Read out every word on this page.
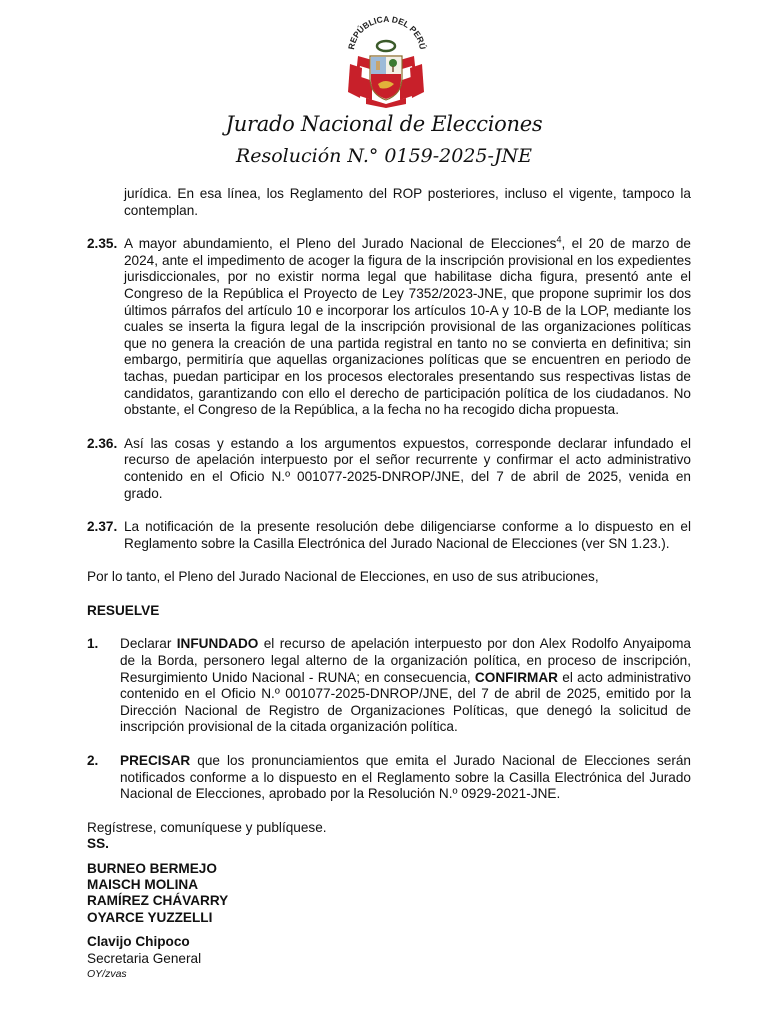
REPÚBLICA DEL PERÚ
Jurado Nacional de Elecciones
Resolución N.° 0159-2025-JNE

jurídica. En esa línea, los Reglamento del ROP posteriores, incluso el vigente, tampoco la contemplan.

2.35. A mayor abundamiento, el Pleno del Jurado Nacional de Elecciones$^4$, el 20 de marzo de 2024, ante el impedimento de acoger la figura de la inscripción provisional en los expedientes jurisdiccionales, por no existir norma legal que habilitase dicha figura, presentó ante el Congreso de la República el Proyecto de Ley 7352/2023-JNE, que propone suprimir los dos últimos párrafos del artículo 10 e incorporar los artículos 10-A y 10-B de la LOP, mediante los cuales se inserta la figura legal de la inscripción provisional de las organizaciones políticas que no genera la creación de una partida registral en tanto no se convierta en definitiva; sin embargo, permitiría que aquellas organizaciones políticas que se encuentren en periodo de tachas, puedan participar en los procesos electorales presentando sus respectivas listas de candidatos, garantizando con ello el derecho de participación política de los ciudadanos. No obstante, el Congreso de la República, a la fecha no ha recogido dicha propuesta.
2.36. Así las cosas y estando a los argumentos expuestos, corresponde declarar infundado el recurso de apelación interpuesto por el señor recurrente y confirmar el acto administrativo contenido en el Oficio N.º 001077-2025-DNROP/JNE, del 7 de abril de 2025, venida en grado.
2.37. La notificación de la presente resolución debe diligenciarse conforme a lo dispuesto en el Reglamento sobre la Casilla Electrónica del Jurado Nacional de Elecciones (ver SN 1.23.).

Por lo tanto, el Pleno del Jurado Nacional de Elecciones, en uso de sus atribuciones,

RESUELVE

1. Declarar INFUNDADO el recurso de apelación interpuesto por don Alex Rodolfo Anyaipoma de la Borda, personero legal alterno de la organización política, en proceso de inscripción, Resurgimiento Unido Nacional - RUNA; en consecuencia, CONFIRMAR el acto administrativo contenido en el Oficio N.º 001077-2025-DNROP/JNE, del 7 de abril de 2025, emitido por la Dirección Nacional de Registro de Organizaciones Políticas, que denegó la solicitud de inscripción provisional de la citada organización política.
2. PRECISAR que los pronunciamientos que emita el Jurado Nacional de Elecciones serán notificados conforme a lo dispuesto en el Reglamento sobre la Casilla Electrónica del Jurado Nacional de Elecciones, aprobado por la Resolución N.º 0929-2021-JNE.
Regístrese, comuníquese y publíquese.
SS.
BURNEO BERMEJO
MAISCH MOLINA
RAMÍREZ CHÁVARRY
OYARCE YUZZELLI
Clavijo Chipoco
Secretaria General
OY/zvas
